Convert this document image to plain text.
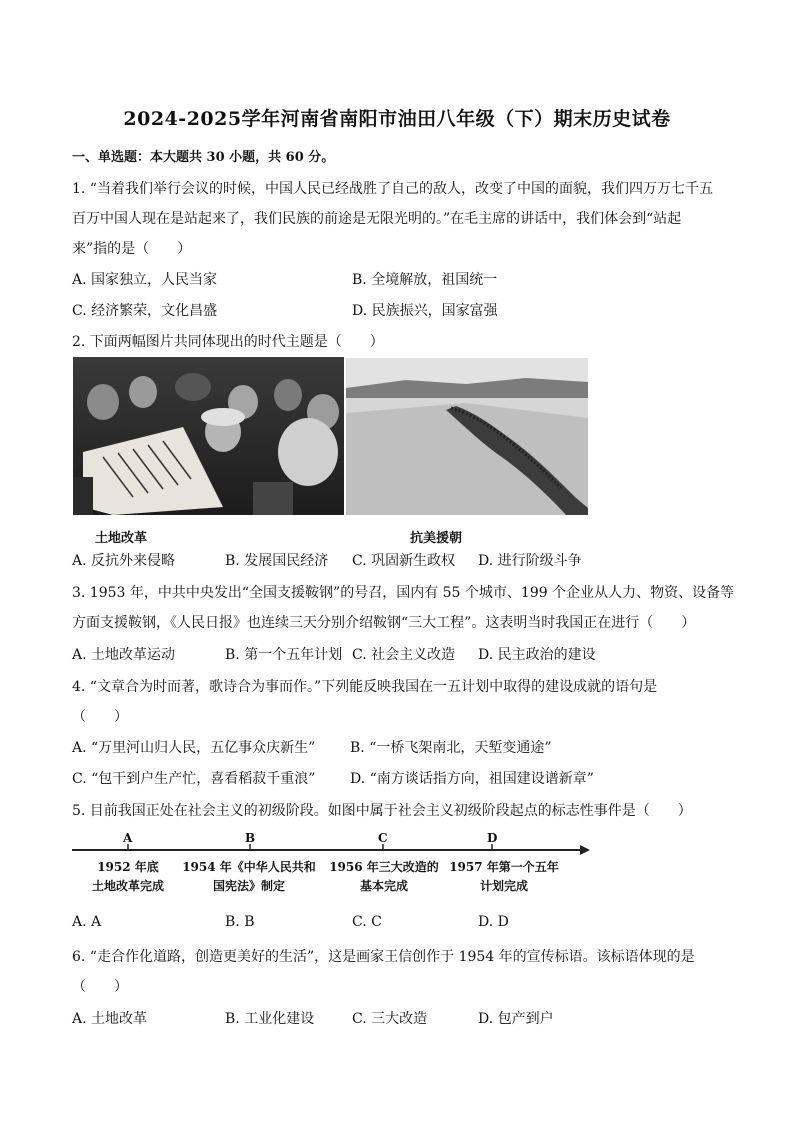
2024-2025学年河南省南阳市油田八年级（下）期末历史试卷
一、单选题：本大题共 30 小题，共 60 分。
1. “当着我们举行会议的时候，中国人民已经战胜了自己的敌人，改变了中国的面貌，我们四万万七千五
百万中国人现在是站起来了，我们民族的前途是无限光明的。”在毛主席的讲话中，我们体会到“站起
来”指的是（　　）
A. 国家独立，人民当家	B. 全境解放，祖国统一
C. 经济繁荣，文化昌盛	D. 民族振兴，国家富强
2. 下面两幅图片共同体现出的时代主题是（　　）
土地改革	抗美援朝
A. 反抗外来侵略	B. 发展国民经济 C. 巩固新生政权 D. 进行阶级斗争
3. 1953 年，中共中央发出“全国支援鞍钢”的号召，国内有 55 个城市、199 个企业从人力、物资、设备等
方面支援鞍钢，《人民日报》也连续三天分别介绍鞍钢“三大工程”。这表明当时我国正在进行（　　）
A. 土地改革运动	B. 第一个五年计划 C. 社会主义改造 D. 民主政治的建设
4. “文章合为时而著，歌诗合为事而作。”下列能反映我国在一五计划中取得的建设成就的语句是
（　　）
A. “万里河山归人民，五亿事众庆新生” B. “一桥飞架南北，天堑变通途”
C. “包干到户生产忙，喜看稻菽千重浪” D. “南方谈话指方向，祖国建设谱新章”
5. 目前我国正处在社会主义的初级阶段。如图中属于社会主义初级阶段起点的标志性事件是（　　）
A	B	C	D
1952 年底
土地改革完成
1954 年《中华人民共和
国宪法》制定
1956 年三大改造的
基本完成
1957 年第一个五年
计划完成
A. A	B. B	C. C	D. D
6. “走合作化道路，创造更美好的生活”，这是画家王信创作于 1954 年的宣传标语。该标语体现的是
（　　）
A. 土地改革	B. 工业化建设	C. 三大改造	D. 包产到户
